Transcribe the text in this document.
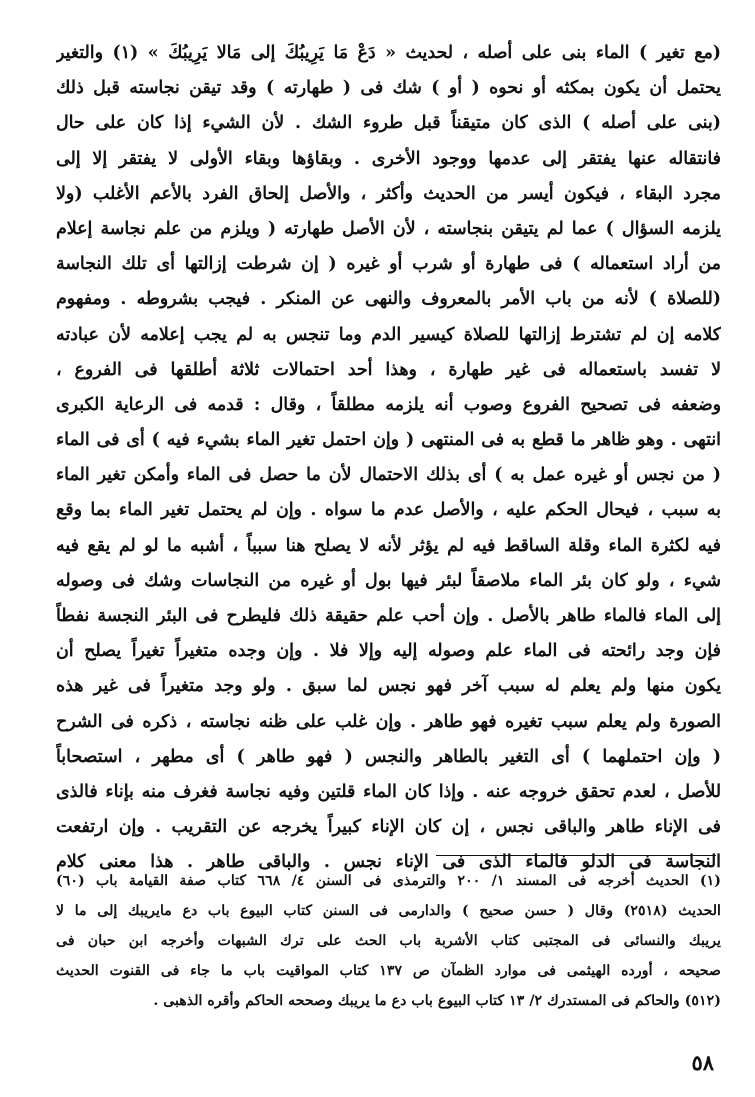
(مع تغير ) الماء بنى على أصله ، لحديث « دَعْ مَا يَرِيبُكَ إلى مَالا يَرِيبُكَ » (١) والتغير
يحتمل أن يكون بمكثه أو نحوه ( أو ) شك فى ( طهارته ) وقد تيقن نجاسته قبل ذلك
(بنى على أصله ) الذى كان متيقناً قبل طروء الشك . لأن الشيء إذا كان على حال
فانتقاله عنها يفتقر إلى عدمها ووجود الأخرى . وبقاؤها وبقاء الأولى لا يفتقر إلا إلى
مجرد البقاء ، فيكون أيسر من الحديث وأكثر ، والأصل إلحاق الفرد بالأعم الأغلب (ولا
يلزمه السؤال ) عما لم يتيقن بنجاسته ، لأن الأصل طهارته ( ويلزم من علم نجاسة إعلام
من أراد استعماله ) فى طهارة أو شرب أو غيره ( إن شرطت إزالتها أى تلك النجاسة
(للصلاة ) لأنه من باب الأمر بالمعروف والنهى عن المنكر . فيجب بشروطه . ومفهوم
كلامه إن لم تشترط إزالتها للصلاة كيسير الدم وما تنجس به لم يجب إعلامه لأن عبادته
لا تفسد باستعماله فى غير طهارة ، وهذا أحد احتمالات ثلاثة أطلقها فى الفروع ،
وضعفه فى تصحيح الفروع وصوب أنه يلزمه مطلقاً ، وقال : قدمه فى الرعاية الكبرى
انتهى . وهو ظاهر ما قطع به فى المنتهى ( وإن احتمل تغير الماء بشيء فيه ) أى فى الماء
( من نجس أو غيره عمل به ) أى بذلك الاحتمال لأن ما حصل فى الماء وأمكن تغير الماء
به سبب ، فيحال الحكم عليه ، والأصل عدم ما سواه . وإن لم يحتمل تغير الماء بما وقع
فيه لكثرة الماء وقلة الساقط فيه لم يؤثر لأنه لا يصلح هنا سبباً ، أشبه ما لو لم يقع فيه
شيء ، ولو كان بئر الماء ملاصقاً لبئر فيها بول أو غيره من النجاسات وشك فى وصوله
إلى الماء فالماء طاهر بالأصل . وإن أحب علم حقيقة ذلك فليطرح فى البئر النجسة نفطاً
فإن وجد رائحته فى الماء علم وصوله إليه وإلا فلا . وإن وجده متغيراً تغيراً يصلح أن
يكون منها ولم يعلم له سبب آخر فهو نجس لما سبق . ولو وجد متغيراً فى غير هذه
الصورة ولم يعلم سبب تغيره فهو طاهر . وإن غلب على ظنه نجاسته ، ذكره فى الشرح
( وإن احتملهما ) أى التغير بالطاهر والنجس ( فهو طاهر ) أى مطهر ، استصحاباً
للأصل ، لعدم تحقق خروجه عنه . وإذا كان الماء قلتين وفيه نجاسة فغرف منه بإناء فالذى
فى الإناء طاهر والباقى نجس ، إن كان الإناء كبيراً يخرجه عن التقريب . وإن ارتفعت
النجاسة فى الدلو فالماء الذى فى الإناء نجس . والباقى طاهر . هذا معنى كلام
(١) الحديث أخرجه فى المسند ١/ ٢٠٠ والترمذى فى السنن ٤/ ٦٦٨ كتاب صفة القيامة باب (٦٠)
الحديث (٢٥١٨) وقال ( حسن صحيح ) والدارمى فى السنن كتاب البيوع باب دع مايريبك إلى ما لا
يريبك والنسائى فى المجتبى كتاب الأشربة باب الحث على ترك الشبهات وأخرجه ابن حبان فى
صحيحه ، أورده الهيثمى فى موارد الظمآن ص ١٣٧ كتاب المواقيت باب ما جاء فى القنوت الحديث
(٥١٢) والحاكم فى المستدرك ٢/ ١٣ كتاب البيوع باب دع ما يريبك وصححه الحاكم وأقره الذهبى .
٥٨
